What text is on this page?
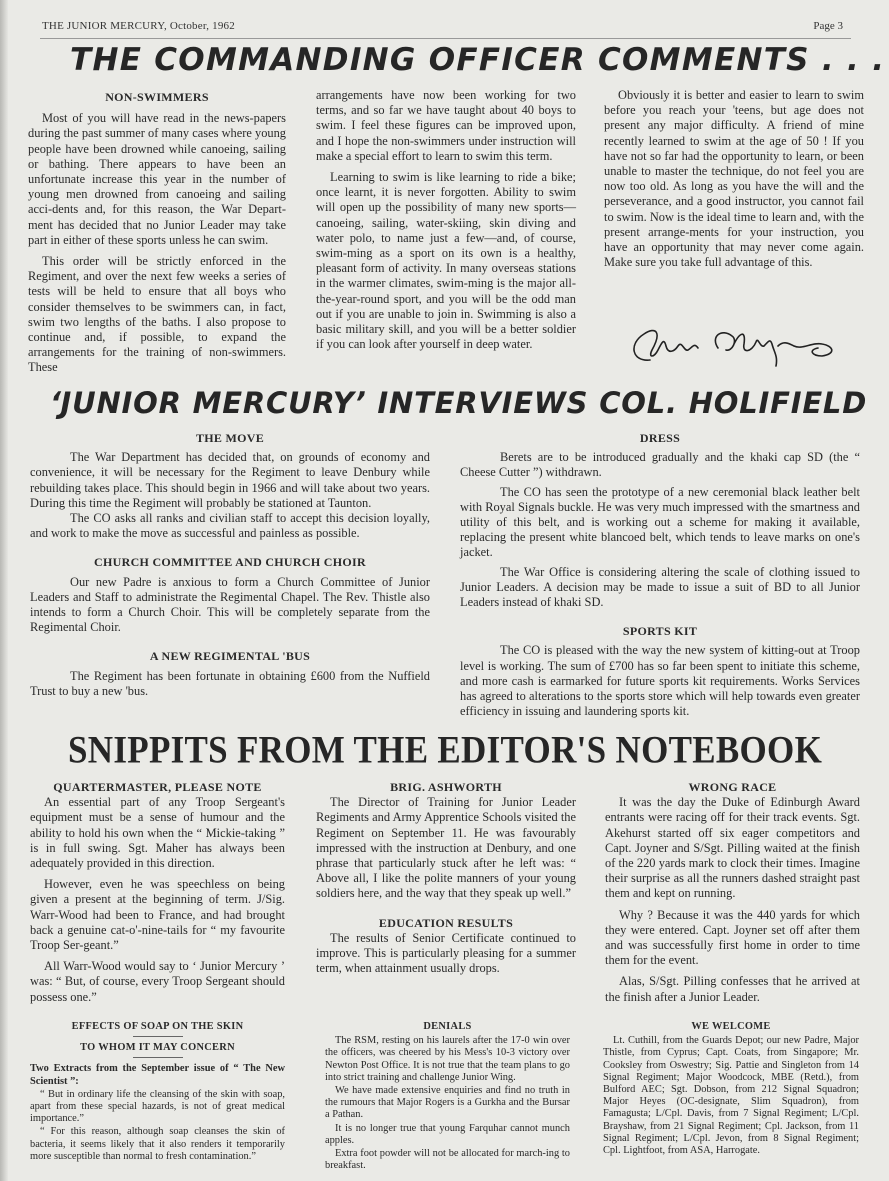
THE JUNIOR MERCURY, October, 1962	Page 3
THE COMMANDING OFFICER COMMENTS . . .

NON-SWIMMERS

Most of you will have read in the news-papers during the past summer of many cases where young people have been drowned while canoeing, sailing or bathing. There appears to have been an unfortunate increase this year in the number of young men drowned from canoeing and sailing acci-dents and, for this reason, the War Depart-ment has decided that no Junior Leader may take part in either of these sports unless he can swim.

This order will be strictly enforced in the Regiment, and over the next few weeks a series of tests will be held to ensure that all boys who consider themselves to be swimmers can, in fact, swim two lengths of the baths. I also propose to continue and, if possible, to expand the arrangements for the training of non-swimmers. These

arrangements have now been working for two terms, and so far we have taught about 40 boys to swim. I feel these figures can be improved upon, and I hope the non-swimmers under instruction will make a special effort to learn to swim this term.

Learning to swim is like learning to ride a bike; once learnt, it is never forgotten. Ability to swim will open up the possibility of many new sports—canoeing, sailing, water-skiing, skin diving and water polo, to name just a few—and, of course, swim-ming as a sport on its own is a healthy, pleasant form of activity. In many overseas stations in the warmer climates, swim-ming is the major all-the-year-round sport, and you will be the odd man out if you are unable to join in. Swimming is also a basic military skill, and you will be a better soldier if you can look after yourself in deep water.

Obviously it is better and easier to learn to swim before you reach your 'teens, but age does not present any major difficulty. A friend of mine recently learned to swim at the age of 50 ! If you have not so far had the opportunity to learn, or been unable to master the technique, do not feel you are now too old. As long as you have the will and the perseverance, and a good instructor, you cannot fail to swim. Now is the ideal time to learn and, with the present arrange-ments for your instruction, you have an opportunity that may never come again. Make sure you take full advantage of this.

‘JUNIOR MERCURY’ INTERVIEWS COL. HOLIFIELD

THE MOVE

The War Department has decided that, on grounds of economy and convenience, it will be necessary for the Regiment to leave Denbury while rebuilding takes place. This should begin in 1966 and will take about two years. During this time the Regiment will probably be stationed at Taunton.

The CO asks all ranks and civilian staff to accept this decision loyally, and work to make the move as successful and painless as possible.

CHURCH COMMITTEE AND CHURCH CHOIR

Our new Padre is anxious to form a Church Committee of Junior Leaders and Staff to administrate the Regimental Chapel. The Rev. Thistle also intends to form a Church Choir. This will be completely separate from the Regimental Choir.

A NEW REGIMENTAL 'BUS

The Regiment has been fortunate in obtaining £600 from the Nuffield Trust to buy a new 'bus.

DRESS

Berets are to be introduced gradually and the khaki cap SD (the “ Cheese Cutter ”) withdrawn.

The CO has seen the prototype of a new ceremonial black leather belt with Royal Signals buckle. He was very much impressed with the smartness and utility of this belt, and is working out a scheme for making it available, replacing the present white blancoed belt, which tends to leave marks on one's jacket.

The War Office is considering altering the scale of clothing issued to Junior Leaders. A decision may be made to issue a suit of BD to all Junior Leaders instead of khaki SD.

SPORTS KIT

The CO is pleased with the way the new system of kitting-out at Troop level is working. The sum of £700 has so far been spent to initiate this scheme, and more cash is earmarked for future sports kit requirements. Works Services has agreed to alterations to the sports store which will help towards even greater efficiency in issuing and laundering sports kit.

SNIPPITS FROM THE EDITOR'S NOTEBOOK

QUARTERMASTER, PLEASE NOTE

An essential part of any Troop Sergeant's equipment must be a sense of humour and the ability to hold his own when the “ Mickie-taking ” is in full swing. Sgt. Maher has always been adequately provided in this direction.

However, even he was speechless on being given a present at the beginning of term. J/Sig. Warr-Wood had been to France, and had brought back a genuine cat-o'-nine-tails for “ my favourite Troop Ser-geant.”

All Warr-Wood would say to ‘ Junior Mercury ’ was: “ But, of course, every Troop Sergeant should possess one.”

BRIG. ASHWORTH

The Director of Training for Junior Leader Regiments and Army Apprentice Schools visited the Regiment on September 11. He was favourably impressed with the instruction at Denbury, and one phrase that particularly stuck after he left was: “ Above all, I like the polite manners of your young soldiers here, and the way that they speak up well.”

EDUCATION RESULTS

The results of Senior Certificate continued to improve. This is particularly pleasing for a summer term, when attainment usually drops.

WRONG RACE

It was the day the Duke of Edinburgh Award entrants were racing off for their track events. Sgt. Akehurst started off six eager competitors and Capt. Joyner and S/Sgt. Pilling waited at the finish of the 220 yards mark to clock their times. Imagine their surprise as all the runners dashed straight past them and kept on running.

Why ? Because it was the 440 yards for which they were entered. Capt. Joyner set off after them and was successfully first home in order to time them for the event.

Alas, S/Sgt. Pilling confesses that he arrived at the finish after a Junior Leader.

EFFECTS OF SOAP ON THE SKIN

TO WHOM IT MAY CONCERN

Two Extracts from the September issue of “ The New Scientist ”:

“ But in ordinary life the cleansing of the skin with soap, apart from these special hazards, is not of great medical importance.”

“ For this reason, although soap cleanses the skin of bacteria, it seems likely that it also renders it temporarily more susceptible than normal to fresh contamination.”

DENIALS

The RSM, resting on his laurels after the 17-0 win over the officers, was cheered by his Mess's 10-3 victory over Newton Post Office. It is not true that the team plans to go into strict training and challenge Junior Wing.

We have made extensive enquiries and find no truth in the rumours that Major Rogers is a Gurkha and the Bursar a Pathan.

It is no longer true that young Farquhar cannot munch apples.

Extra foot powder will not be allocated for march-ing to breakfast.

WE WELCOME

Lt. Cuthill, from the Guards Depot; our new Padre, Major Thistle, from Cyprus; Capt. Coats, from Singapore; Mr. Cooksley from Oswestry; Sig. Pattie and Singleton from 14 Signal Regiment; Major Woodcock, MBE (Retd.), from Bulford AEC; Sgt. Dobson, from 212 Signal Squadron; Major Heyes (OC-designate, Slim Squadron), from Famagusta; L/Cpl. Davis, from 7 Signal Regiment; L/Cpl. Brayshaw, from 21 Signal Regiment; Cpl. Jackson, from 11 Signal Regiment; L/Cpl. Jevon, from 8 Signal Regiment; Cpl. Lightfoot, from ASA, Harrogate.
